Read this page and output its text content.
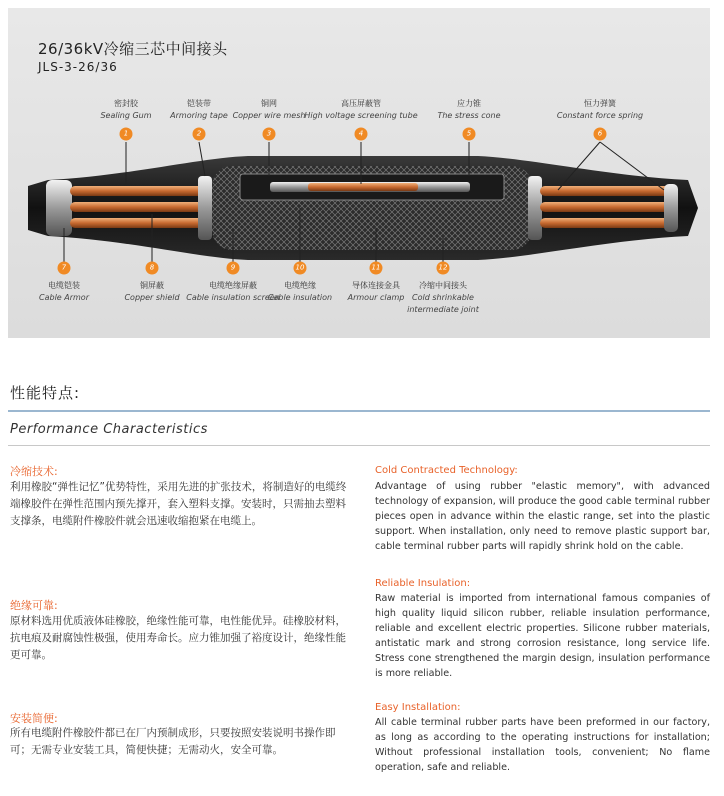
26/36kV冷缩三芯中间接头
JLS-3-26/36
密封胶
Sealing Gum
1
铠装带
Armoring tape
2
铜网
Copper wire mesh
3
高压屏蔽管
High voltage screening tube
4
应力锥
The stress cone
5
恒力弹簧
Constant force spring
6
7
电缆铠装
Cable Armor
8
铜屏蔽
Copper shield
9
电缆绝缘屏蔽
Cable insulation screen
10
电缆绝缘
Cable insulation
11
导体连接金具
Armour clamp
12
冷缩中间接头
Cold shrinkable
intermediate joint
性能特点:
Performance Characteristics
冷缩技术:
利用橡胶“弹性记忆”优势特性，采用先进的扩张技术，将制造好的电缆终端橡胶件在弹性范围内预先撑开，套入塑料支撑。安装时，只需抽去塑料支撑条，电缆附件橡胶件就会迅速收缩抱紧在电缆上。
Cold Contracted Technology:
Advantage of using rubber "elastic memory", with advanced technology of expansion, will produce the good cable terminal rubber pieces open in advance within the elastic range, set into the plastic support. When installation, only need to remove plastic support bar, cable terminal rubber parts will rapidly shrink hold on the cable.
绝缘可靠:
原材料选用优质液体硅橡胶，绝缘性能可靠，电性能优异。硅橡胶材料，抗电痕及耐腐蚀性极强，使用寿命长。应力锥加强了裕度设计，绝缘性能更可靠。
Reliable Insulation:
Raw material is imported from international famous companies of high quality liquid silicon rubber, reliable insulation performance, reliable and excellent electric properties. Silicone rubber materials, antistatic mark and strong corrosion resistance, long service life. Stress cone strengthened the margin design, insulation performance is more reliable.
安装简便:
所有电缆附件橡胶件都已在厂内预制成形，只要按照安装说明书操作即可；无需专业安装工具，简便快捷；无需动火，安全可靠。
Easy Installation:
All cable terminal rubber parts have been preformed in our factory, as long as according to the operating instructions for installation; Without professional installation tools, convenient; No flame operation, safe and reliable.
